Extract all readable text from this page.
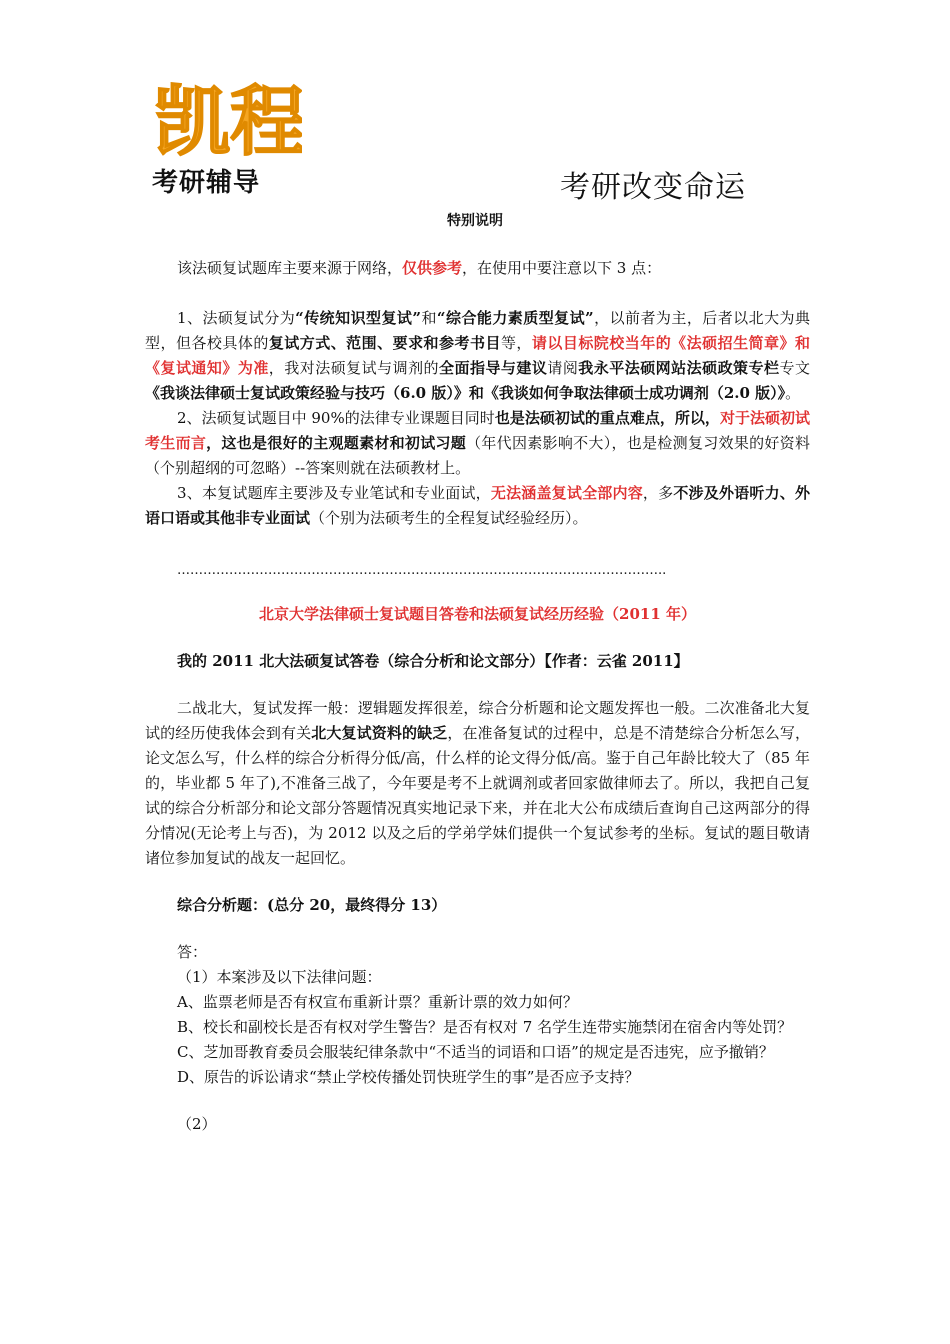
凯程
考研辅导	考研改变命运
特别说明

该法硕复试题库主要来源于网络，仅供参考，在使用中要注意以下 3 点：

1、法硕复试分为“传统知识型复试”和“综合能力素质型复试”，以前者为主，后者以北大为典型，但各校具体的复试方式、范围、要求和参考书目等，请以目标院校当年的《法硕招生简章》和《复试通知》为准，我对法硕复试与调剂的全面指导与建议请阅我永平法硕网站法硕政策专栏专文《我谈法律硕士复试政策经验与技巧（6.0 版）》和《我谈如何争取法律硕士成功调剂（2.0 版）》。

2、法硕复试题目中 90%的法律专业课题目同时也是法硕初试的重点难点，所以，对于法硕初试考生而言，这也是很好的主观题素材和初试习题（年代因素影响不大），也是检测复习效果的好资料（个别超纲的可忽略）--答案则就在法硕教材上。

3、本复试题库主要涉及专业笔试和专业面试，无法涵盖复试全部内容，多不涉及外语听力、外语口语或其他非专业面试（个别为法硕考生的全程复试经验经历）。

…………………………………………………………………………………………………..

北京大学法律硕士复试题目答卷和法硕复试经历经验（2011 年）

我的 2011 北大法硕复试答卷（综合分析和论文部分）【作者：云雀 2011】

二战北大，复试发挥一般：逻辑题发挥很差，综合分析题和论文题发挥也一般。二次准备北大复试的经历使我体会到有关北大复试资料的缺乏，在准备复试的过程中，总是不清楚综合分析怎么写，论文怎么写，什么样的综合分析得分低/高，什么样的论文得分低/高。鉴于自己年龄比较大了（85 年的，毕业都 5 年了),不准备三战了，今年要是考不上就调剂或者回家做律师去了。所以，我把自己复试的综合分析部分和论文部分答题情况真实地记录下来，并在北大公布成绩后查询自己这两部分的得分情况(无论考上与否)，为 2012 以及之后的学弟学妹们提供一个复试参考的坐标。复试的题目敬请诸位参加复试的战友一起回忆。

综合分析题：(总分 20，最终得分 13）

答：

（1）本案涉及以下法律问题：

A、监票老师是否有权宣布重新计票？重新计票的效力如何？

B、校长和副校长是否有权对学生警告？是否有权对 7 名学生连带实施禁闭在宿舍内等处罚？

C、芝加哥教育委员会服装纪律条款中“不适当的词语和口语”的规定是否违宪，应予撤销？

D、原告的诉讼请求“禁止学校传播处罚快班学生的事”是否应予支持？

（2）
